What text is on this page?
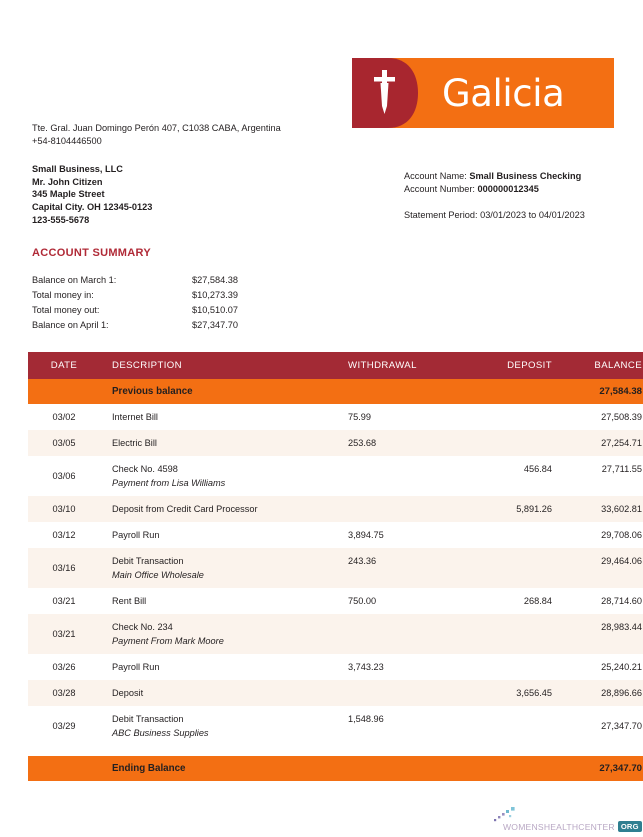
Galicia
Tte. Gral. Juan Domingo Perón 407, C1038 CABA, Argentina
+54-8104446500
Small Business, LLC
Mr. John Citizen
345 Maple Street
Capital City. OH 12345-0123
123-555-5678
Account Name: Small Business Checking
Account Number: 000000012345
Statement Period: 03/01/2023 to 04/01/2023
ACCOUNT SUMMARY
Balance on March 1:	$27,584.38
Total money in:	$10,273.39
Total money out:	$10,510.07
Balance on April 1:	$27,347.70
DATE	DESCRIPTION	WITHDRAWAL	DEPOSIT	BALANCE
	Previous balance			27,584.38
03/02	Internet Bill	75.99		27,508.39
03/05	Electric Bill	253.68		27,254.71
03/06	Check No. 4598
Payment from Lisa Williams		456.84	27,711.55

03/10	Deposit from Credit Card Processor		5,891.26	33,602.81
03/12	Payroll Run	3,894.75		29,708.06
03/16	Debit Transaction
Main Office Wholesale	243.36		29,464.06

03/21	Rent Bill	750.00	268.84	28,714.60
03/21	Check No. 234
Payment From Mark Moore			28,983.44

03/26	Payroll Run	3,743.23		25,240.21
03/28	Deposit		3,656.45	28,896.66
03/29	Debit Transaction
ABC Business Supplies	1,548.96		27,347.70

	Ending Balance			27,347.70
WOMENSHEALTHCENTER ORG
